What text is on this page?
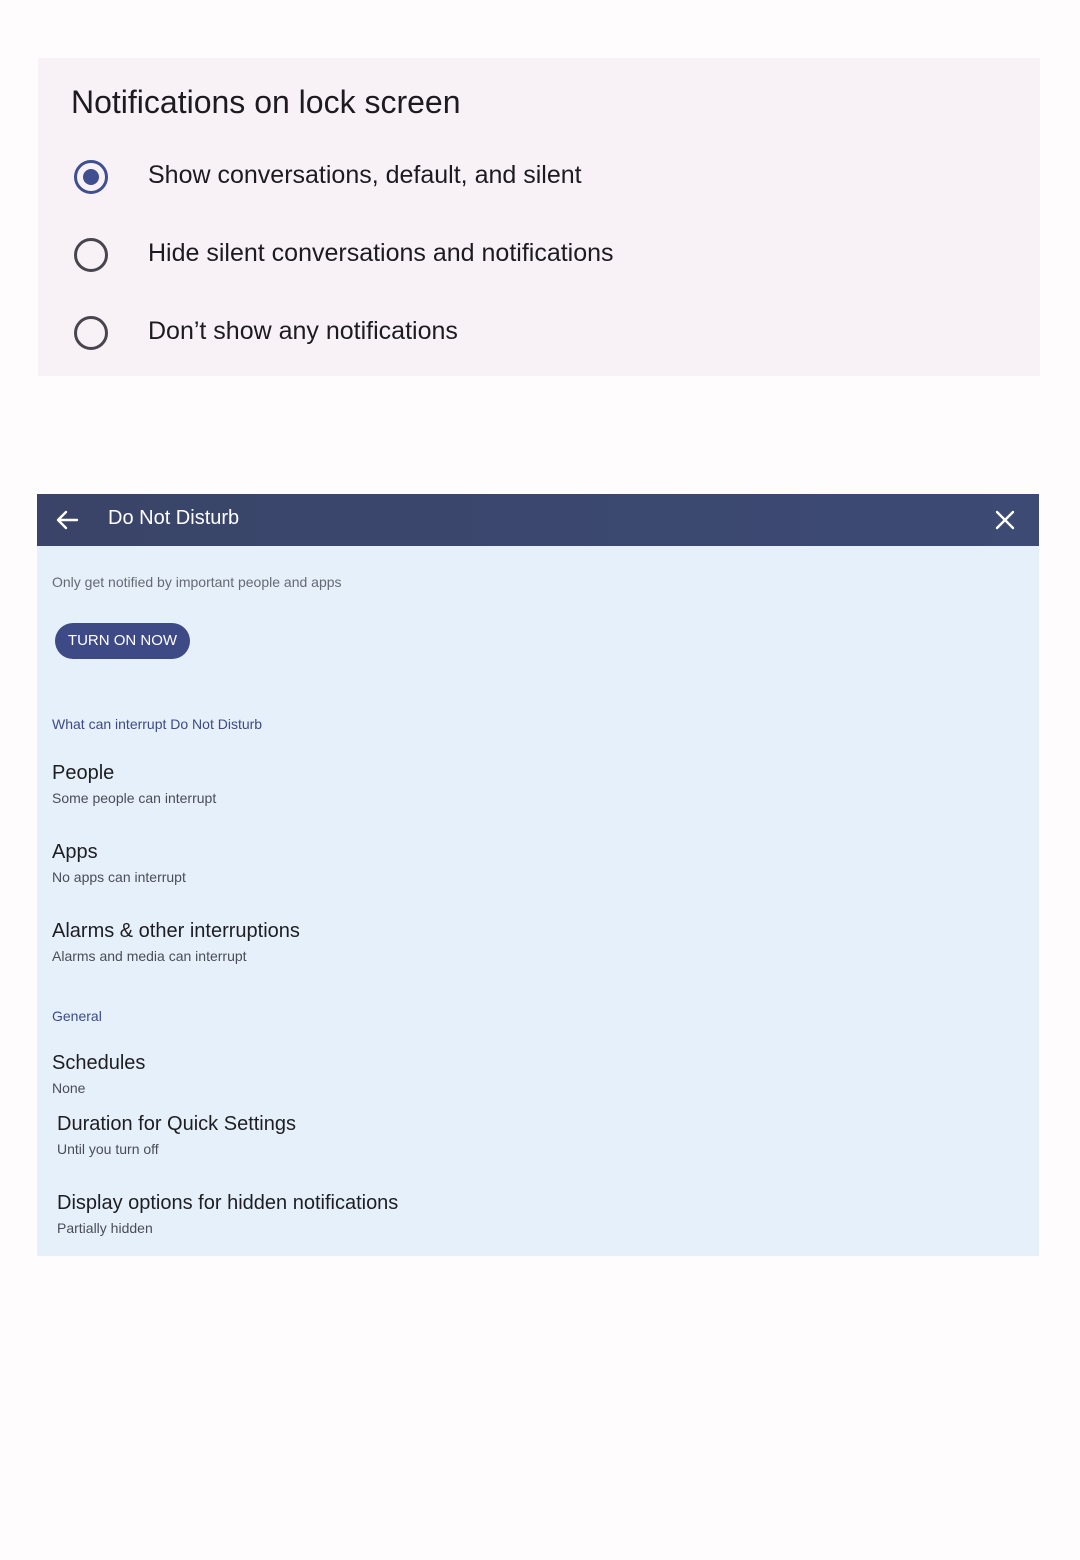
Notifications on lock screen
Show conversations, default, and silent
Hide silent conversations and notifications
Don’t show any notifications
Do Not Disturb
Only get notified by important people and apps
TURN ON NOW
What can interrupt Do Not Disturb
People
Some people can interrupt
Apps
No apps can interrupt
Alarms & other interruptions
Alarms and media can interrupt
General
Schedules
None
Duration for Quick Settings
Until you turn off
Display options for hidden notifications
Partially hidden
